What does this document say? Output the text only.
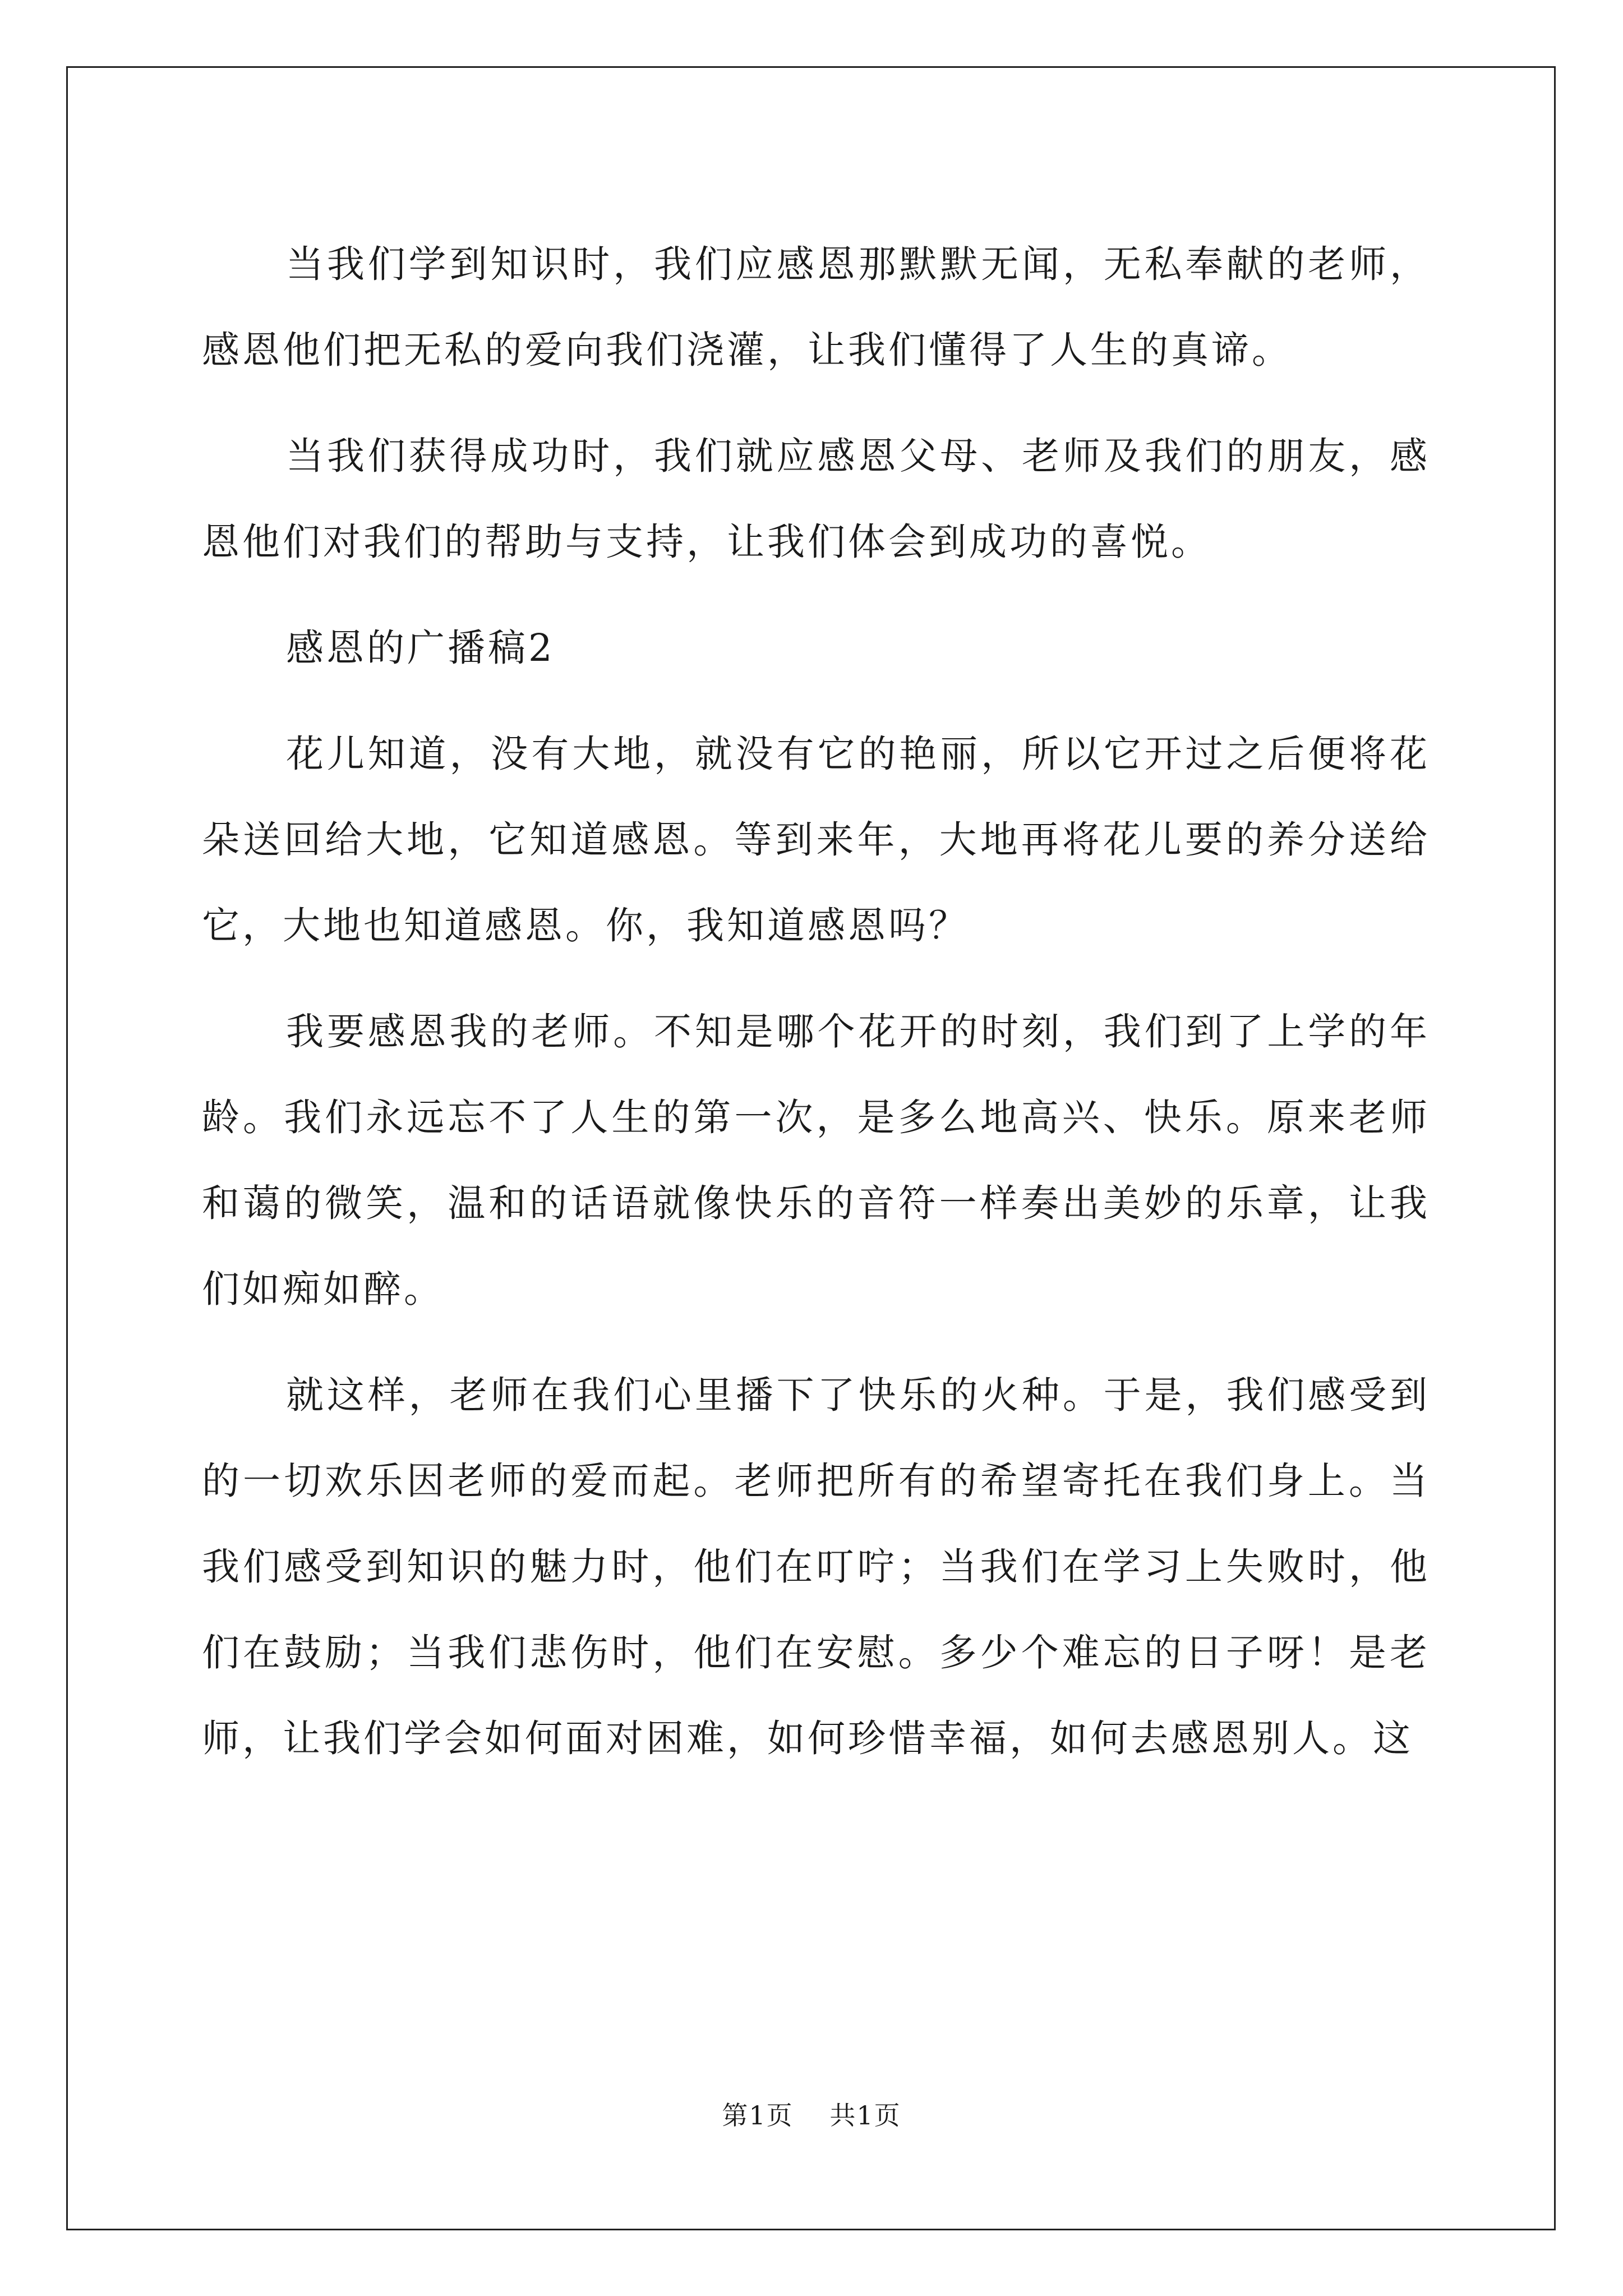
当我们学到知识时，我们应感恩那默默无闻，无私奉献的老师，感恩他们把无私的爱向我们浇灌，让我们懂得了人生的真谛。

当我们获得成功时，我们就应感恩父母、老师及我们的朋友，感恩他们对我们的帮助与支持，让我们体会到成功的喜悦。

感恩的广播稿2

花儿知道，没有大地，就没有它的艳丽，所以它开过之后便将花朵送回给大地，它知道感恩。等到来年，大地再将花儿要的养分送给它，大地也知道感恩。你，我知道感恩吗？

我要感恩我的老师。不知是哪个花开的时刻，我们到了上学的年龄。我们永远忘不了人生的第一次，是多么地高兴、快乐。原来老师和蔼的微笑，温和的话语就像快乐的音符一样奏出美妙的乐章，让我们如痴如醉。

就这样，老师在我们心里播下了快乐的火种。于是，我们感受到的一切欢乐因老师的爱而起。老师把所有的希望寄托在我们身上。当我们感受到知识的魅力时，他们在叮咛；当我们在学习上失败时，他们在鼓励；当我们悲伤时，他们在安慰。多少个难忘的日子呀！是老师，让我们学会如何面对困难，如何珍惜幸福，如何去感恩别人。这

第1页 共1页
